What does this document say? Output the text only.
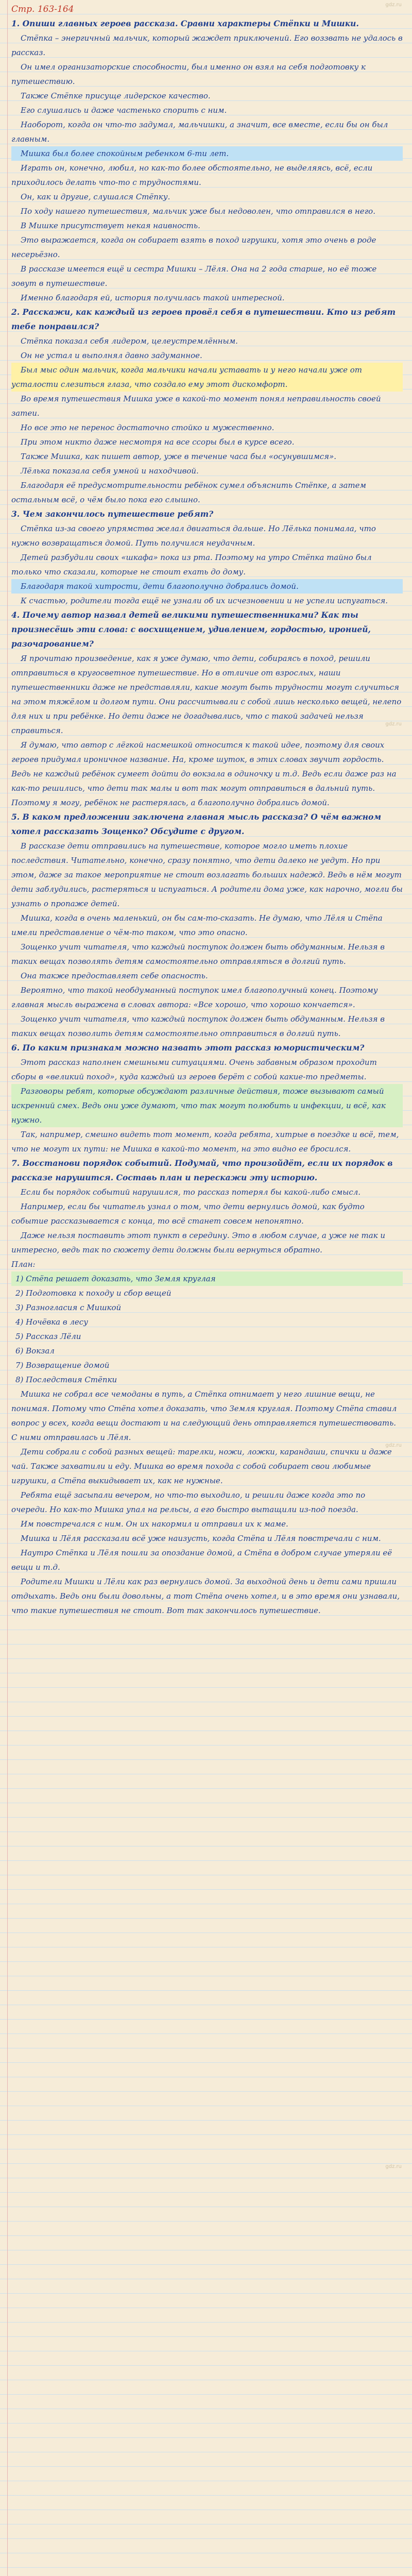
Стр. 163-164

1. Опиши главных героев рассказа. Сравни характеры Стёпки и Мишки.

Стёпка – энергичный мальчик, который жаждет приключений. Его воззвать не удалось в рассказ.

Он имел организаторские способности, был именно он взял на себя подготовку к путешествию.

Также Стёпке присуще лидерское качество.

Его слушались и даже частенько спорить с ним.

Наоборот, когда он что-то задумал, мальчишки, а значит, все вместе, если бы он был главным.

Мишка был более спокойным ребенком 6-ти лет.

Играть он, конечно, любил, но как-то более обстоятельно, не выделяясь, всё, если приходилось делать что-то с трудностями.

Он, как и другие, слушался Стёпку.

По ходу нашего путешествия, мальчик уже был недоволен, что отправился в него.

В Мишке присутствует некая наивность.

Это выражается, когда он собирает взять в поход игрушки, хотя это очень в роде несерьёзно.

В рассказе имеется ещё и сестра Мишки – Лёля. Она на 2 года старше, но её тоже зовут в путешествие.

Именно благодаря ей, история получилась такой интересной.

2. Расскажи, как каждый из героев провёл себя в путешествии. Кто из ребят тебе понравился?

Стёпка показал себя лидером, целеустремлённым.

Он не устал и выполнял давно задуманное.

Был мыс один мальчик, когда мальчики начали уставать и у него начали уже от усталости слезиться глаза, что создало ему этот дискомфорт.

Во время путешествия Мишка уже в какой-то момент понял неправильность своей затеи.

Но все это не перенос достаточно стойко и мужественно.

При этом никто даже несмотря на все ссоры был в курсе всего.

Также Мишка, как пишет автор, уже в течение часа был «осунувшимся».

Лёлька показала себя умной и находчивой.

Благодаря её предусмотрительности ребёнок сумел объяснить Стёпке, а затем остальным всё, о чём было пока его слышно.

3. Чем закончилось путешествие ребят?

Стёпка из-за своего упрямства желал двигаться дальше. Но Лёлька понимала, что нужно возвращаться домой. Путь получился неудачным.

Детей разбудили своих «шкафа» пока из рта. Поэтому на утро Стёпка тайно был только что сказали, которые не стоит ехать до дому.

Благодаря такой хитрости, дети благополучно добрались домой.

К счастью, родители тогда ещё не узнали об их исчезновении и не успели испугаться.

4. Почему автор назвал детей великими путешественниками? Как ты произнесёшь эти слова: с восхищением, удивлением, гордостью, иронией, разочарованием?

Я прочитаю произведение, как я уже думаю, что дети, собираясь в поход, решили отправиться в кругосветное путешествие. Но в отличие от взрослых, наши путешественники даже не представляли, какие могут быть трудности могут случиться на этом тяжёлом и долгом пути. Они рассчитывали с собой лишь несколько вещей, нелепо для них и при ребёнке. Но дети даже не догадывались, что с такой задачей нельзя справиться.

Я думаю, что автор с лёгкой насмешкой относится к такой идее, поэтому для своих героев придумал ироничное название. На, кроме шуток, в этих словах звучит гордость. Ведь не каждый ребёнок сумеет дойти до вокзала в одиночку и т.д. Ведь если даже раз на как-то решились, что дети так малы и вот так могут отправиться в дальний путь. Поэтому я могу, ребёнок не растерялась, а благополучно добрались домой.

5. В каком предложении заключена главная мысль рассказа? О чём важном хотел рассказать Зощенко? Обсудите с другом.

В рассказе дети отправились на путешествие, которое могло иметь плохие последствия. Читательно, конечно, сразу понятно, что дети далеко не уедут. Но при этом, даже за такое мероприятие не стоит возлагать больших надежд. Ведь в нём могут дети заблудились, растеряться и испугаться. А родители дома уже, как нарочно, могли бы узнать о пропаже детей.

Мишка, когда в очень маленький, он бы сам-то-сказать. Не думаю, что Лёля и Стёпа имели представление о чём-то таком, что это опасно.

Зощенко учит читателя, что каждый поступок должен быть обдуманным. Нельзя в таких вещах позволять детям самостоятельно отправляться в долгий путь.

Она также предоставляет себе опасность.

Вероятно, что такой необдуманный поступок имел благополучный конец. Поэтому главная мысль выражена в словах автора: «Все хорошо, что хорошо кончается».

Зощенко учит читателя, что каждый поступок должен быть обдуманным. Нельзя в таких вещах позволить детям самостоятельно отправиться в долгий путь.

6. По каким признакам можно назвать этот рассказ юмористическим?

Этот рассказ наполнен смешными ситуациями. Очень забавным образом проходит сборы в «великий поход», куда каждый из героев берёт с собой какие-то предметы.

Разговоры ребят, которые обсуждают различные действия, тоже вызывают самый искренний смех. Ведь они уже думают, что так могут полюбить и инфекции, и всё, как нужно.

Так, например, смешно видеть тот момент, когда ребята, хитрые в поездке и всё, тем, что не могут их пути: не Мишка в какой-то момент, на это видно ее бросился.

7. Восстанови порядок событий. Подумай, что произойдёт, если их порядок в рассказе нарушится. Составь план и перескажи эту историю.

Если бы порядок событий нарушился, то рассказ потерял бы какой-либо смысл.

Например, если бы читатель узнал о том, что дети вернулись домой, как будто событие рассказывается с конца, то всё станет совсем непонятно.

Даже нельзя поставить этот пункт в середину. Это в любом случае, а уже не так и интересно, ведь так по сюжету дети должны были вернуться обратно.

План:

1) Стёпа решает доказать, что Земля круглая

2) Подготовка к походу и сбор вещей

3) Разногласия с Мишкой

4) Ночёвка в лесу

5) Рассказ Лёли

6) Вокзал

7) Возвращение домой

8) Последствия Стёпки

Мишка не собрал все чемоданы в путь, а Стёпка отнимает у него лишние вещи, не понимая. Потому что Стёпа хотел доказать, что Земля круглая. Поэтому Стёпа ставил вопрос у всех, когда вещи достают и на следующий день отправляется путешествовать. С ними отправилась и Лёля.

Дети собрали с собой разных вещей: тарелки, ножи, ложки, карандаши, спички и даже чай. Также захватили и еду. Мишка во время похода с собой собирает свои любимые игрушки, а Стёпа выкидывает их, как не нужные.

Ребята ещё засыпали вечером, но что-то выходило, и решили даже когда это по очереди. Но как-то Мишка упал на рельсы, а его быстро вытащили из-под поезда.

Им повстречался с ним. Он их накормил и отправил их к маме.

Мишка и Лёля рассказали всё уже наизусть, когда Стёпа и Лёля повстречали с ним.

Наутро Стёпка и Лёля пошли за опоздание домой, а Стёпа в добром случае утеряли её вещи и т.д.

Родители Мишки и Лёли как раз вернулись домой. За выходной день и дети сами пришли отдыхать. Ведь они были довольны, а тот Стёпа очень хотел, и в это время они узнавали, что такие путешествия не стоит. Вот так закончилось путешествие.

gdz.ru
gdz.ru
gdz.ru
gdz.ru
